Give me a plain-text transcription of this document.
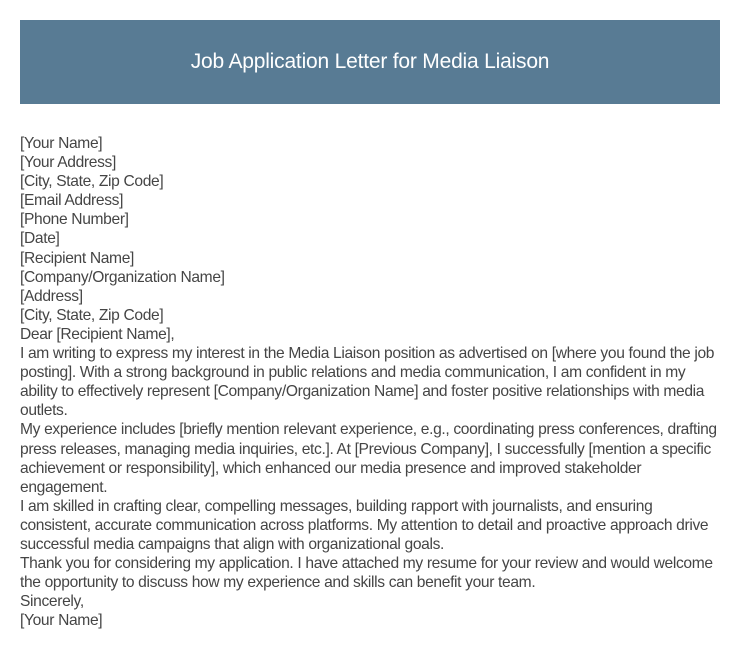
Job Application Letter for Media Liaison

[Your Name]

[Your Address]

[City, State, Zip Code]

[Email Address]

[Phone Number]

[Date]

[Recipient Name]

[Company/Organization Name]

[Address]

[City, State, Zip Code]

Dear [Recipient Name],

I am writing to express my interest in the Media Liaison position as advertised on [where you found the job posting]. With a strong background in public relations and media communication, I am confident in my ability to effectively represent [Company/Organization Name] and foster positive relationships with media outlets.

My experience includes [briefly mention relevant experience, e.g., coordinating press conferences, drafting press releases, managing media inquiries, etc.]. At [Previous Company], I successfully [mention a specific achievement or responsibility], which enhanced our media presence and improved stakeholder engagement.

I am skilled in crafting clear, compelling messages, building rapport with journalists, and ensuring consistent, accurate communication across platforms. My attention to detail and proactive approach drive successful media campaigns that align with organizational goals.

Thank you for considering my application. I have attached my resume for your review and would welcome the opportunity to discuss how my experience and skills can benefit your team.

Sincerely,

[Your Name]
